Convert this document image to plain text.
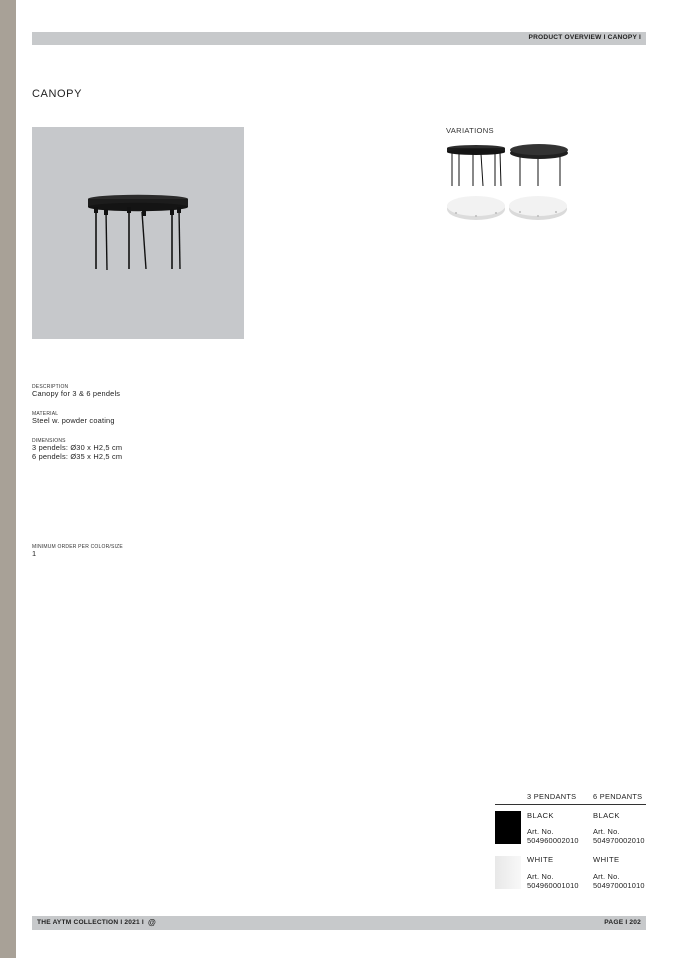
PRODUCT OVERVIEW I CANOPY I
CANOPY
VARIATIONS
DESCRIPTION
Canopy for 3 & 6 pendels
MATERIAL
Steel w. powder coating
DIMENSIONS
3 pendels: Ø30 x H2,5 cm
6 pendels: Ø35 x H2,5 cm
MINIMUM ORDER PER COLOR/SIZE
1
3 PENDANTS 6 PENDANTS
BLACK	BLACK
Art. No.	Art. No.
504960002010 504970002010
WHITE	WHITE
Art. No.	Art. No.
504960001010 504970001010
THE AYTM COLLECTION I 2021 I @	PAGE I 202
